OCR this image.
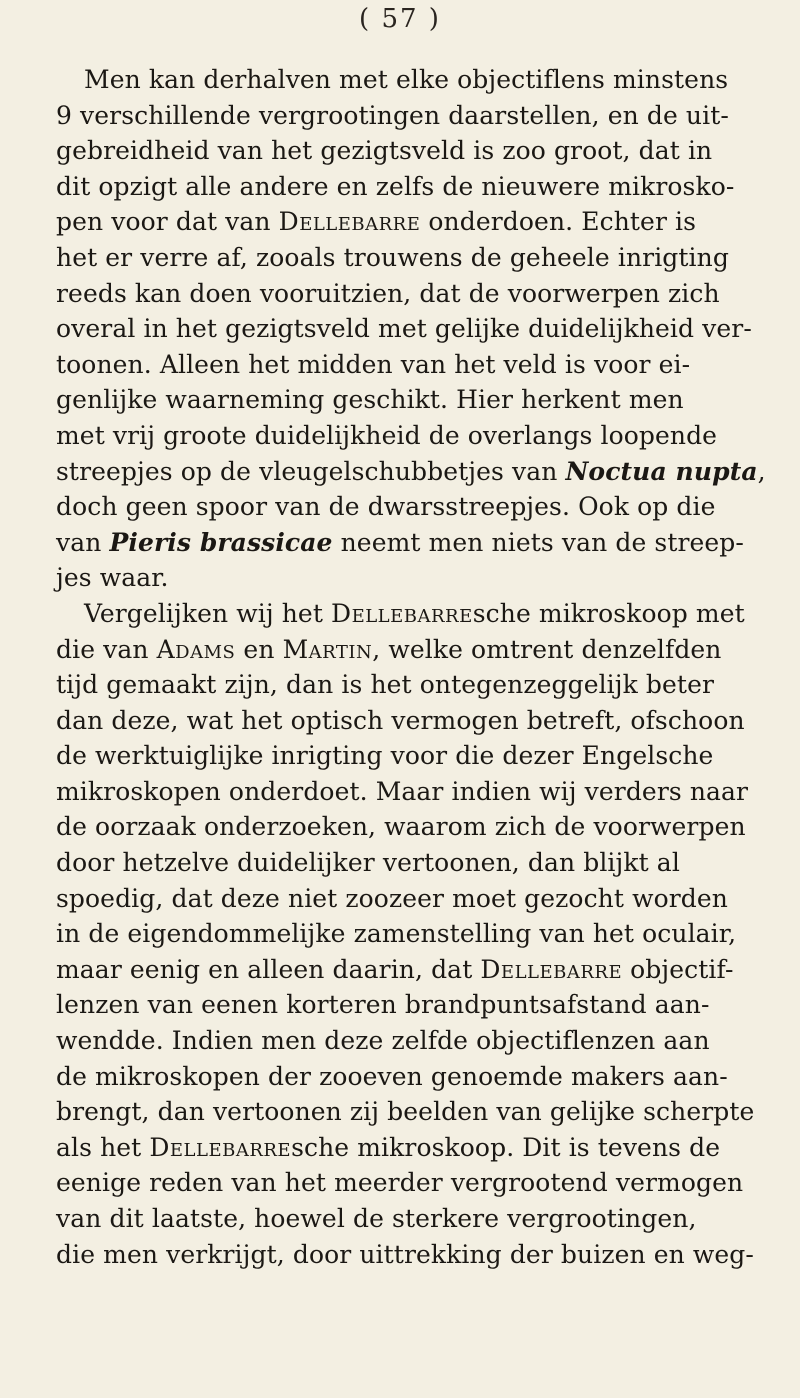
( 57 )
Men kan derhalven met elke objectiflens minstens
9 verschillende vergrootingen daarstellen, en de uit-
gebreidheid van het gezigtsveld is zoo groot, dat in
dit opzigt alle andere en zelfs de nieuwere mikrosko-
pen voor dat van Dellebarre onderdoen. Echter is
het er verre af, zooals trouwens de geheele inrigting
reeds kan doen vooruitzien, dat de voorwerpen zich
overal in het gezigtsveld met gelijke duidelijkheid ver-
toonen. Alleen het midden van het veld is voor ei-
genlijke waarneming geschikt. Hier herkent men
met vrij groote duidelijkheid de overlangs loopende
streepjes op de vleugelschubbetjes van Noctua nupta,
doch geen spoor van de dwarsstreepjes. Ook op die
van Pieris brassicae neemt men niets van de streep-
jes waar.
Vergelijken wij het Dellebarresche mikroskoop met
die van Adams en Martin, welke omtrent denzelfden
tijd gemaakt zijn, dan is het ontegenzeggelijk beter
dan deze, wat het optisch vermogen betreft, ofschoon
de werktuiglijke inrigting voor die dezer Engelsche
mikroskopen onderdoet. Maar indien wij verders naar
de oorzaak onderzoeken, waarom zich de voorwerpen
door hetzelve duidelijker vertoonen, dan blijkt al
spoedig, dat deze niet zoozeer moet gezocht worden
in de eigendommelijke zamenstelling van het oculair,
maar eenig en alleen daarin, dat Dellebarre objectif-
lenzen van eenen korteren brandpuntsafstand aan-
wendde. Indien men deze zelfde objectiflenzen aan
de mikroskopen der zooeven genoemde makers aan-
brengt, dan vertoonen zij beelden van gelijke scherpte
als het Dellebarresche mikroskoop. Dit is tevens de
eenige reden van het meerder vergrootend vermogen
van dit laatste, hoewel de sterkere vergrootingen,
die men verkrijgt, door uittrekking der buizen en weg-
